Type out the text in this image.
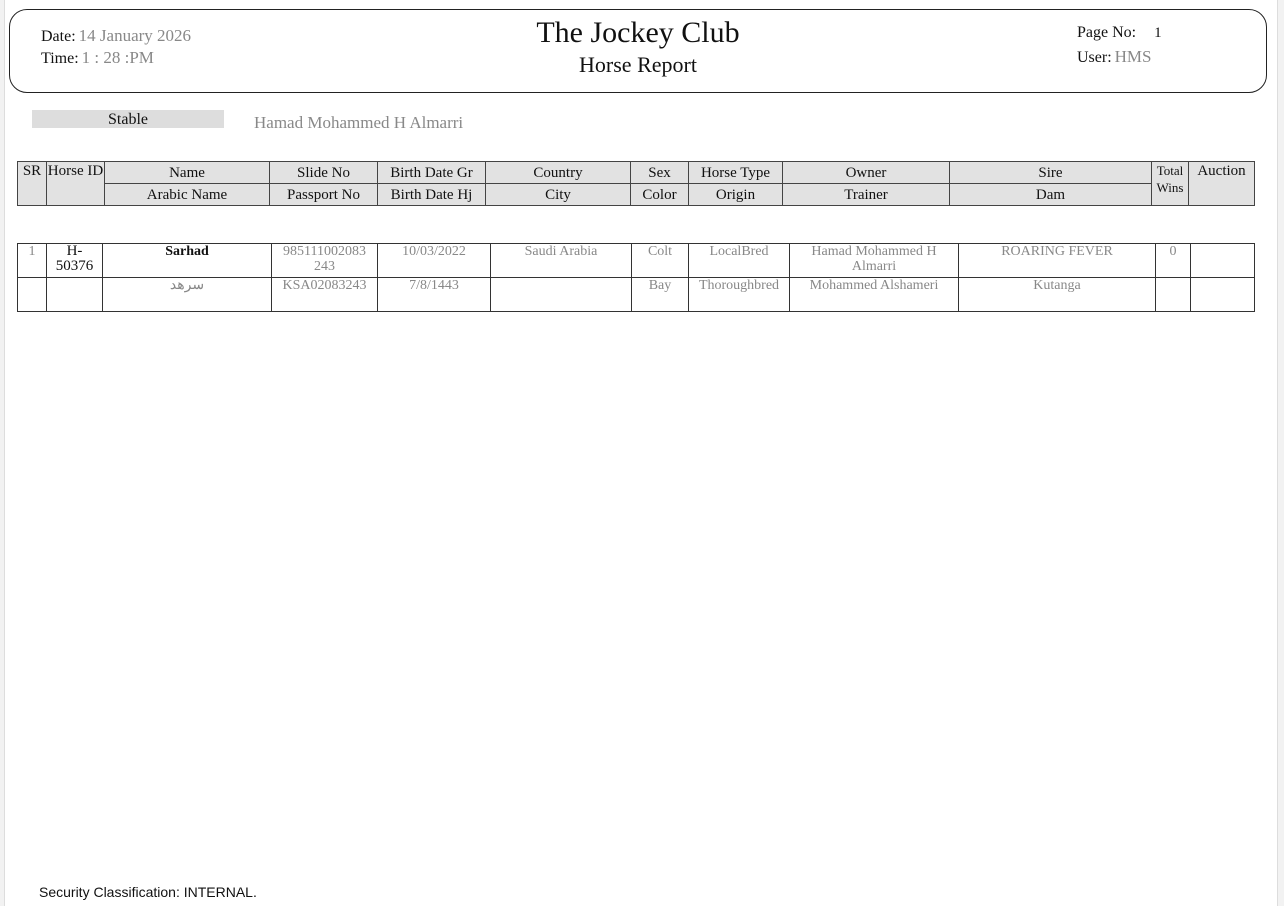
Date: 14 January 2026
Time: 1 : 28 :PM
The Jockey Club
Horse Report
Page No: 1
User: HMS
Stable	Hamad Mohammed H Almarri
SR	Horse ID	Name	Slide No	Birth Date Gr	Country	Sex	Horse Type	Owner	Sire	Total Wins	Auction
		Arabic Name	Passport No	Birth Date Hj	City	Color	Origin	Trainer	Dam		
1	H-50376	Sarhad	985111002083 243	10/03/2022	Saudi Arabia	Colt	LocalBred	Hamad Mohammed H Almarri	ROARING FEVER	0	
		سرهد	KSA02083243	7/8/1443		Bay	Thoroughbred	Mohammed Alshameri	Kutanga		
Security Classification: INTERNAL.
